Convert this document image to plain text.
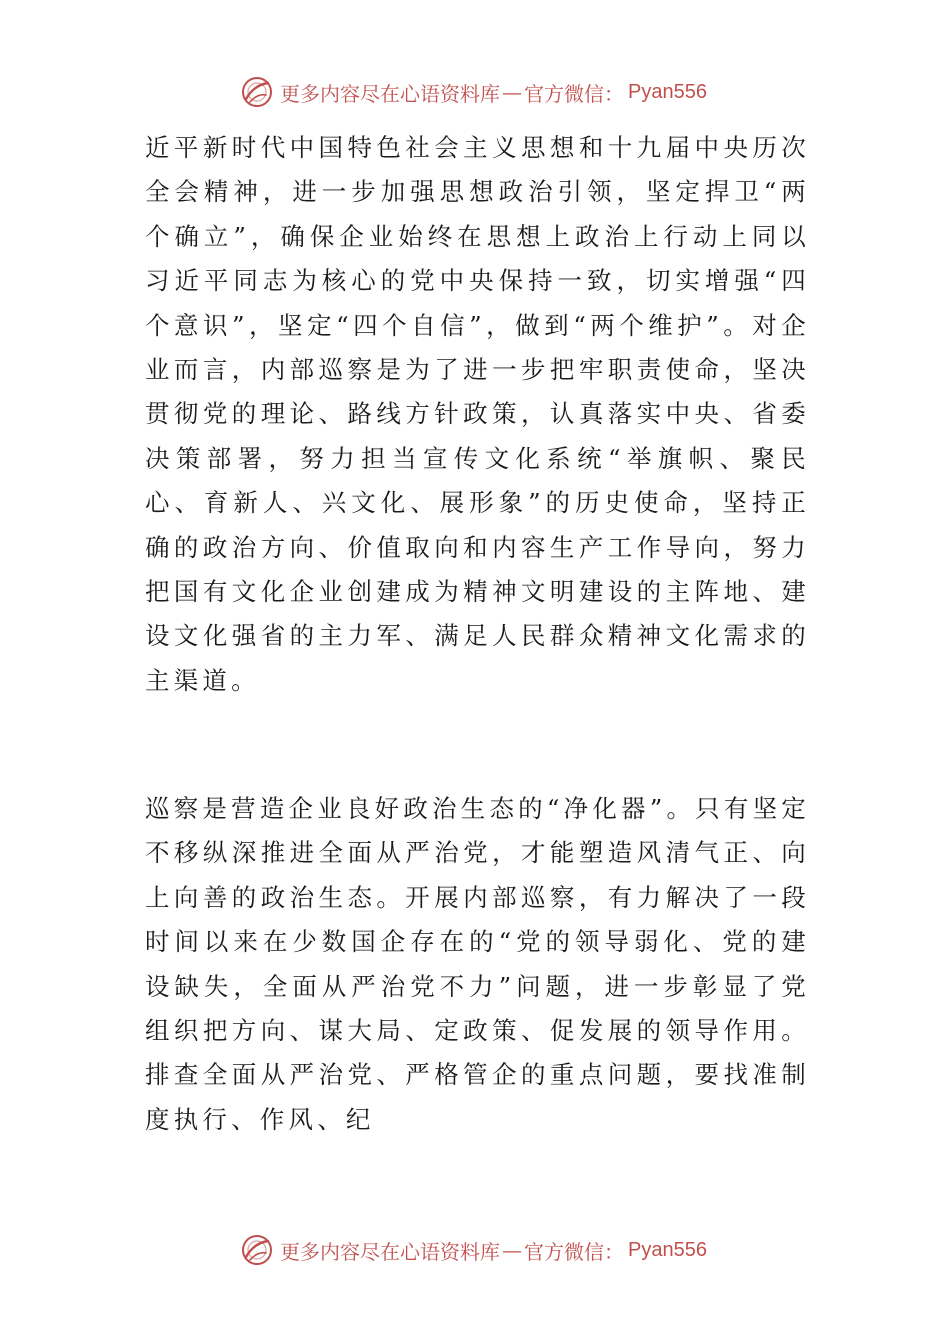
更多内容尽在心语资料库 — 官方微信： Pyan556

近平新时代中国特色社会主义思想和十九届中央历次全会精神，进一步加强思想政治引领，坚定捍卫“两个确立”，确保企业始终在思想上政治上行动上同以习近平同志为核心的党中央保持一致，切实增强“四个意识”，坚定“四个自信”，做到“两个维护”。对企业而言，内部巡察是为了进一步把牢职责使命，坚决贯彻党的理论、路线方针政策，认真落实中央、省委决策部署，努力担当宣传文化系统“举旗帜、聚民心、育新人、兴文化、展形象”的历史使命，坚持正确的政治方向、价值取向和内容生产工作导向，努力把国有文化企业创建成为精神文明建设的主阵地、建设文化强省的主力军、满足人民群众精神文化需求的主渠道。

巡察是营造企业良好政治生态的“净化器”。只有坚定不移纵深推进全面从严治党，才能塑造风清气正、向上向善的政治生态。开展内部巡察，有力解决了一段时间以来在少数国企存在的“党的领导弱化、党的建设缺失，全面从严治党不力”问题，进一步彰显了党组织把方向、谋大局、定政策、促发展的领导作用。排查全面从严治党、严格管企的重点问题，要找准制度执行、作风、纪

更多内容尽在心语资料库 — 官方微信： Pyan556
